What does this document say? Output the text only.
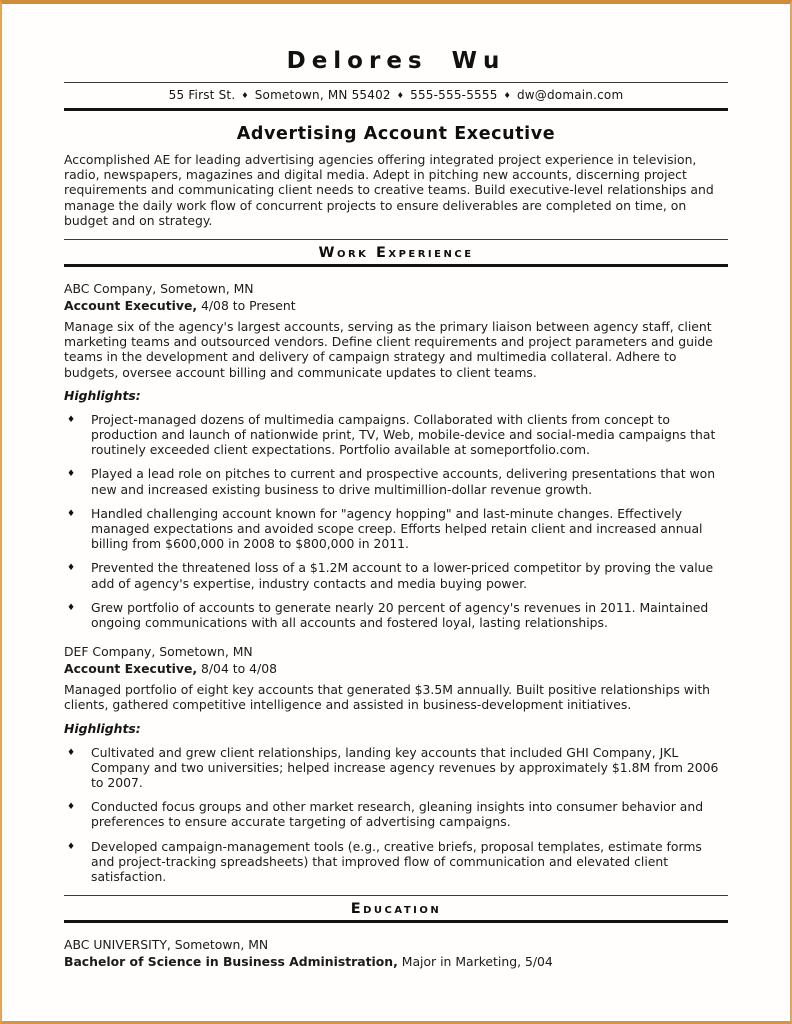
Delores Wu
55 First St. ♦ Sometown, MN 55402 ♦ 555-555-5555 ♦ dw@domain.com
Advertising Account Executive
Accomplished AE for leading advertising agencies offering integrated project experience in television, radio, newspapers, magazines and digital media. Adept in pitching new accounts, discerning project requirements and communicating client needs to creative teams. Build executive-level relationships and manage the daily work flow of concurrent projects to ensure deliverables are completed on time, on budget and on strategy.
Work Experience
ABC Company, Sometown, MN
Account Executive, 4/08 to Present
Manage six of the agency's largest accounts, serving as the primary liaison between agency staff, client marketing teams and outsourced vendors. Define client requirements and project parameters and guide teams in the development and delivery of campaign strategy and multimedia collateral. Adhere to budgets, oversee account billing and communicate updates to client teams.
Highlights:
♦	Project-managed dozens of multimedia campaigns. Collaborated with clients from concept to production and launch of nationwide print, TV, Web, mobile-device and social-media campaigns that routinely exceeded client expectations. Portfolio available at someportfolio.com.
♦	Played a lead role on pitches to current and prospective accounts, delivering presentations that won new and increased existing business to drive multimillion-dollar revenue growth.
♦	Handled challenging account known for "agency hopping" and last-minute changes. Effectively managed expectations and avoided scope creep. Efforts helped retain client and increased annual billing from $600,000 in 2008 to $800,000 in 2011.
♦	Prevented the threatened loss of a $1.2M account to a lower-priced competitor by proving the value add of agency's expertise, industry contacts and media buying power.
♦	Grew portfolio of accounts to generate nearly 20 percent of agency's revenues in 2011. Maintained ongoing communications with all accounts and fostered loyal, lasting relationships.
DEF Company, Sometown, MN
Account Executive, 8/04 to 4/08
Managed portfolio of eight key accounts that generated $3.5M annually. Built positive relationships with clients, gathered competitive intelligence and assisted in business-development initiatives.
Highlights:
♦	Cultivated and grew client relationships, landing key accounts that included GHI Company, JKL Company and two universities; helped increase agency revenues by approximately $1.8M from 2006 to 2007.
♦	Conducted focus groups and other market research, gleaning insights into consumer behavior and preferences to ensure accurate targeting of advertising campaigns.
♦	Developed campaign-management tools (e.g., creative briefs, proposal templates, estimate forms and project-tracking spreadsheets) that improved flow of communication and elevated client satisfaction.
Education
ABC UNIVERSITY, Sometown, MN
Bachelor of Science in Business Administration, Major in Marketing, 5/04
